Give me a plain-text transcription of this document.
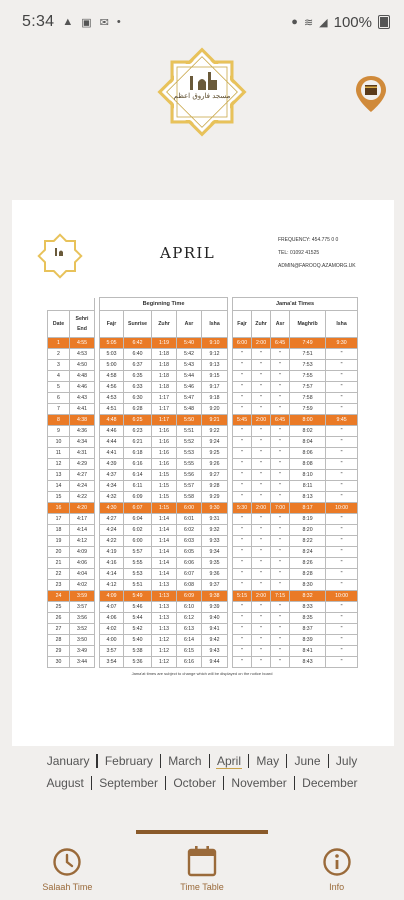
5:34 ▲ ▣ ✉ •	● ≋ ◢ 100%
مسجد فاروق اعظم
APRIL
FREQUENCY: 454.775 0 0
TEL: 01092 41525
ADMIN@FAROOQ.AZAMORG.UK
			Beginning Time						Jama'at Times				
Date	Sehri End		Fajr	Sunrise	Zuhr	Asr	Isha		Fajr	Zuhr	Asr	Maghrib	Isha
1	4:55		5:05	6:42	1:19	5:40	9:10		6:00	2:00	6:45	7:49	9:30
2	4:53		5:03	6:40	1:18	5:42	9:12		"	"	"	7:51	"
3	4:50		5:00	6:37	1:18	5:43	9:13		"	"	"	7:53	"
4	4:48		4:58	6:35	1:18	5:44	9:15		"	"	"	7:55	"
5	4:46		4:56	6:33	1:18	5:46	9:17		"	"	"	7:57	"
6	4:43		4:53	6:30	1:17	5:47	9:18		"	"	"	7:58	"
7	4:41		4:51	6:28	1:17	5:48	9:20		"	"	"	7:59	"
8	4:38		4:48	6:25	1:17	5:50	9:21		5:45	2:00	6:45	8:00	9:45
9	4:36		4:46	6:23	1:16	5:51	9:22		"	"	"	8:02	"
10	4:34		4:44	6:21	1:16	5:52	9:24		"	"	"	8:04	"
11	4:31		4:41	6:18	1:16	5:53	9:25		"	"	"	8:06	"
12	4:29		4:39	6:16	1:16	5:55	9:26		"	"	"	8:08	"
13	4:27		4:37	6:14	1:15	5:56	9:27		"	"	"	8:10	"
14	4:24		4:34	6:11	1:15	5:57	9:28		"	"	"	8:11	"
15	4:22		4:32	6:09	1:15	5:58	9:29		"	"	"	8:13	"
16	4:20		4:30	6:07	1:15	6:00	9:30		5:30	2:00	7:00	8:17	10:00
17	4:17		4:27	6:04	1:14	6:01	9:31		"	"	"	8:19	"
18	4:14		4:24	6:02	1:14	6:02	9:32		"	"	"	8:20	"
19	4:12		4:22	6:00	1:14	6:03	9:33		"	"	"	8:22	"
20	4:09		4:19	5:57	1:14	6:05	9:34		"	"	"	8:24	"
21	4:06		4:16	5:55	1:14	6:06	9:35		"	"	"	8:26	"
22	4:04		4:14	5:53	1:14	6:07	9:36		"	"	"	8:28	"
23	4:02		4:12	5:51	1:13	6:08	9:37		"	"	"	8:30	"
24	3:59		4:09	5:49	1:13	6:09	9:38		5:15	2:00	7:15	8:32	10:00
25	3:57		4:07	5:46	1:13	6:10	9:39		"	"	"	8:33	"
26	3:56		4:06	5:44	1:13	6:12	9:40		"	"	"	8:35	"
27	3:52		4:02	5:42	1:13	6:13	9:41		"	"	"	8:37	"
28	3:50		4:00	5:40	1:12	6:14	9:42		"	"	"	8:39	"
29	3:49		3:57	5:38	1:12	6:15	9:43		"	"	"	8:41	"
30	3:44		3:54	5:36	1:12	6:16	9:44		"	"	"	8:43	"
Jama'at times are subject to change which will be displayed on the notice board
January February March April May June July
August September October November December
Salaah Time	Time Table	Info
